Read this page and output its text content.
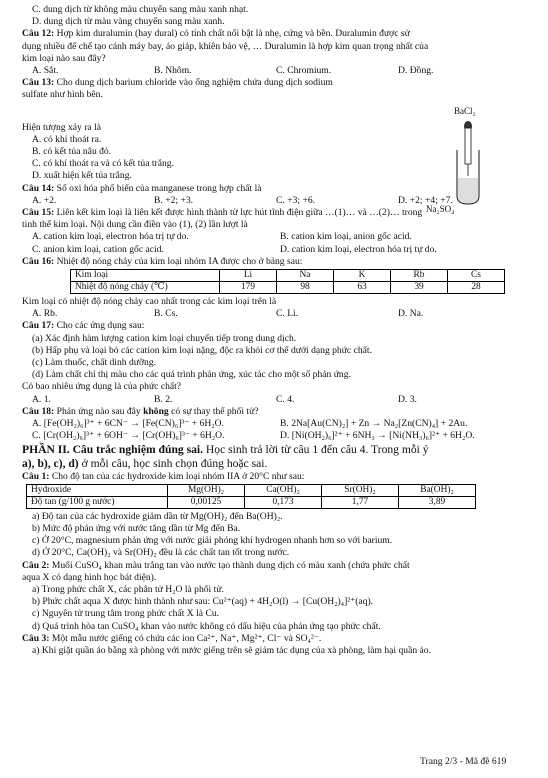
C. dung dịch từ không màu chuyển sang màu xanh nhạt.
D. dung dịch từ màu vàng chuyển sang màu xanh.
Câu 12: Hợp kim duralumin (hay dural) có tính chất nổi bật là nhẹ, cứng và bền. Duralumin được sử
dụng nhiều để chế tạo cánh máy bay, áo giáp, khiên bảo vệ, … Duralumin là hợp kim quan trọng nhất của
kim loại nào sau đây?
A. Sắt.	B. Nhôm.	C. Chromium.	D. Đồng.
Câu 13: Cho dung dịch barium chloride vào ống nghiệm chứa dung dịch sodium
sulfate như hình bên.
Hiện tượng xảy ra là
A. có khí thoát ra.
B. có kết tủa nâu đỏ.
C. có khí thoát ra và có kết tủa trắng.
D. xuất hiện kết tủa trắng.
Câu 14: Số oxi hóa phổ biến của manganese trong hợp chất là
A. +2.	B. +2; +3.	C. +3; +6.	D. +2; +4; +7.
Câu 15: Liên kết kim loại là liên kết được hình thành từ lực hút tĩnh điện giữa …(1)… và …(2)… trong
tinh thể kim loại. Nội dung cần điền vào (1), (2) lần lượt là
A. cation kim loại, electron hóa trị tự do.	B. cation kim loại, anion gốc acid.
C. anion kim loại, cation gốc acid.	D. cation kim loại, electron hóa trị tự do.
Câu 16: Nhiệt độ nóng chảy của kim loại nhóm IA được cho ở bảng sau:
Kim loại	Li	Na	K	Rb	Cs
Nhiệt độ nóng chảy (℃)	179	98	63	39	28
Kim loại có nhiệt độ nóng chảy cao nhất trong các kim loại trên là
A. Rb.	B. Cs.	C. Li.	D. Na.
Câu 17: Cho các ứng dụng sau:
(a) Xác định hàm lượng cation kim loại chuyển tiếp trong dung dịch.
(b) Hấp phụ và loại bỏ các cation kim loại nặng, độc ra khỏi cơ thể dưới dạng phức chất.
(c) Làm thuốc, chất dinh dưỡng.
(d) Làm chất chỉ thị màu cho các quá trình phản ứng, xúc tác cho một số phản ứng.
Có bao nhiêu ứng dụng là của phức chất?
A. 1.	B. 2.	C. 4.	D. 3.
Câu 18: Phản ứng nào sau đây không có sự thay thế phối tử?
A. [Fe(OH₂)₆]³⁺ + 6CN⁻ → [Fe(CN)₆]³⁻ + 6H₂O.	B. 2Na[Au(CN)₂] + Zn → Na₂[Zn(CN)₄] + 2Au.
C. [Cr(OH₂)₆]³⁺ + 6OH⁻ → [Cr(OH)₆]³⁻ + 6H₂O.	D. [Ni(OH₂)₆]²⁺ + 6NH₃ → [Ni(NH₃)₆]²⁺ + 6H₂O.
PHẦN II. Câu trắc nghiệm đúng sai. Học sinh trả lời từ câu 1 đến câu 4. Trong mỗi ý
a), b), c), d) ở mỗi câu, học sinh chọn đúng hoặc sai.
Câu 1: Cho độ tan của các hydroxide kim loại nhóm IIA ở 20°C như sau:
Hydroxide	Mg(OH)₂	Ca(OH)₂	Sr(OH)₂	Ba(OH)₂
Độ tan (g/100 g nước)	0,00125	0,173	1,77	3,89
a) Độ tan của các hydroxide giảm dần từ Mg(OH)₂ đến Ba(OH)₂.
b) Mức độ phản ứng với nước tăng dần từ Mg đến Ba.
c) Ở 20°C, magnesium phản ứng với nước giải phóng khí hydrogen nhanh hơn so với barium.
d) Ở 20°C, Ca(OH)₂ và Sr(OH)₂ đều là các chất tan tốt trong nước.
Câu 2: Muối CuSO₄ khan màu trắng tan vào nước tạo thành dung dịch có màu xanh (chứa phức chất
aqua X có dạng hình học bát diện).
a) Trong phức chất X, các phân tử H₂O là phối tử.
b) Phức chất aqua X được hình thành như sau: Cu²⁺(aq) + 4H₂O(l) → [Cu(OH₂)₄]²⁺(aq).
c) Nguyên tử trung tâm trong phức chất X là Cu.
d) Quá trình hòa tan CuSO₄ khan vào nước không có dấu hiệu của phản ứng tạo phức chất.
Câu 3: Một mẫu nước giếng có chứa các ion Ca²⁺, Na⁺, Mg²⁺, Cl⁻ và SO₄²⁻.
a) Khi giặt quần áo bằng xà phòng với nước giếng trên sẽ giảm tác dụng của xà phòng, làm hại quần áo.
BaCl₂
Na₂SO₄
Trang 2/3 - Mã đề 619
